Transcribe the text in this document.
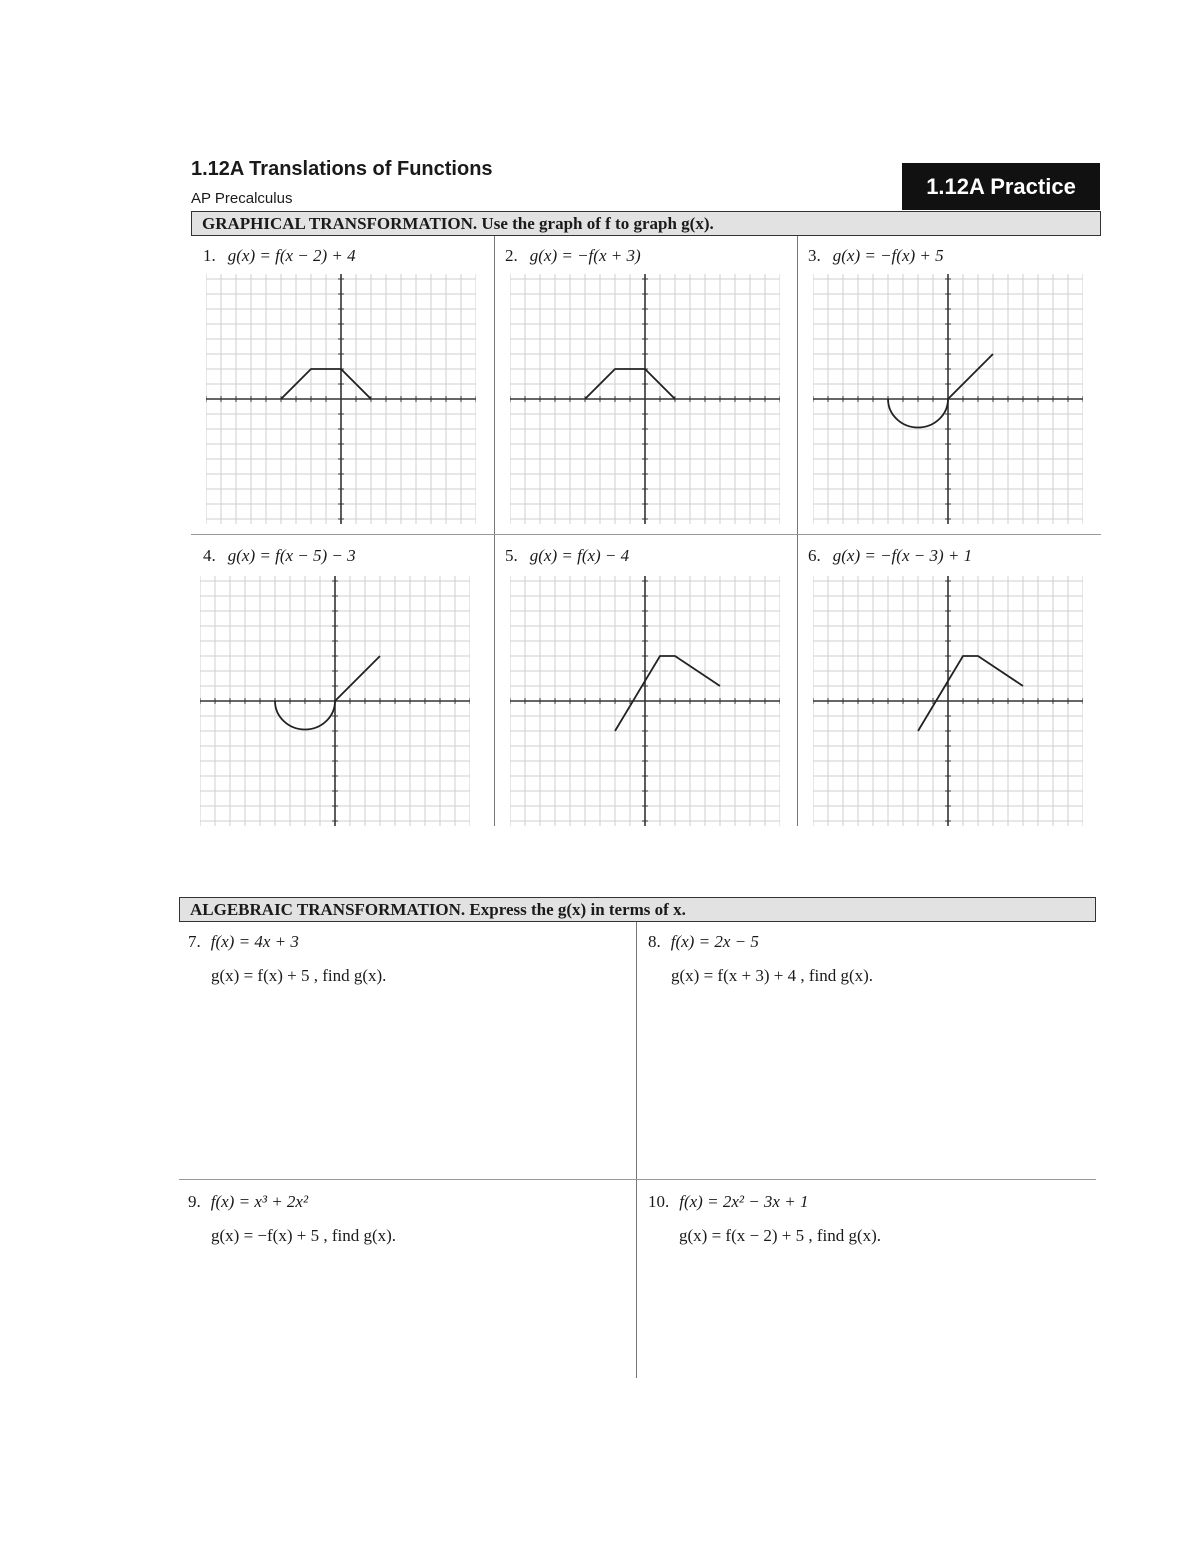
1.12A Translations of Functions
AP Precalculus	1.12A Practice
GRAPHICAL TRANSFORMATION. Use the graph of f to graph g(x).
1. g(x) = f(x − 2) + 4	2. g(x) = −f(x + 3)	3. g(x) = −f(x) + 5
4. g(x) = f(x − 5) − 3	5. g(x) = f(x) − 4	6. g(x) = −f(x − 3) + 1
ALGEBRAIC TRANSFORMATION. Express the g(x) in terms of x.
7. f(x) = 4x + 3
g(x) = f(x) + 5 , find g(x).
8. f(x) = 2x − 5
g(x) = f(x + 3) + 4 , find g(x).
9. f(x) = x³ + 2x²
g(x) = −f(x) + 5 , find g(x).
10. f(x) = 2x² − 3x + 1
g(x) = f(x − 2) + 5 , find g(x).
